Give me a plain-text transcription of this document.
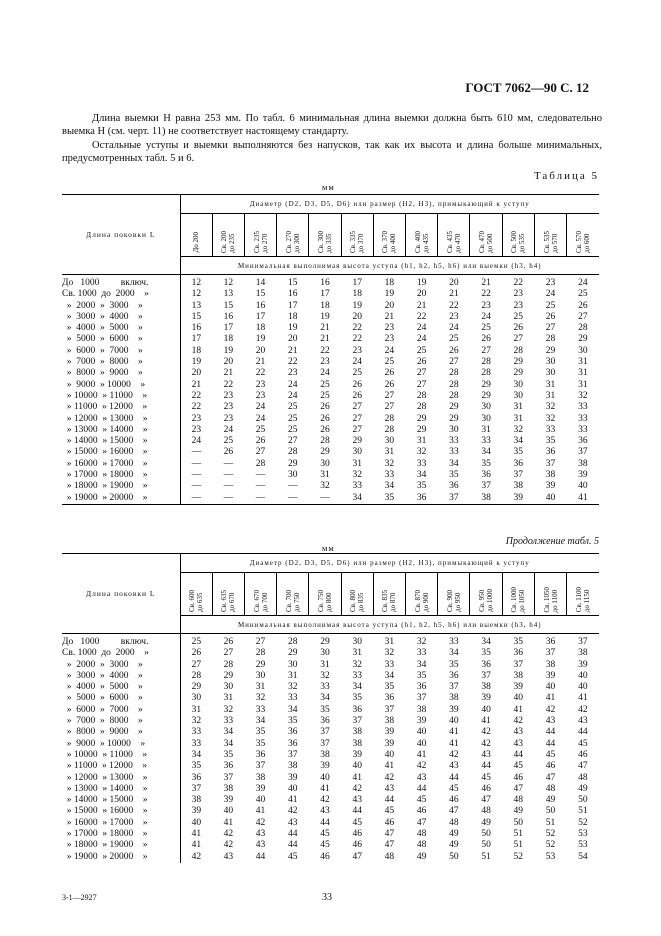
ГОСТ 7062—90 С. 12

Длина выемки H равна 253 мм. По табл. 6 минимальная длина выемки должна быть 610 мм, следовательно выемка H (см. черт. 11) не соответствует настоящему стандарту.

Остальные уступы и выемки выполняются без напусков, так как их высота и длина больше минимальных, предусмотренных табл. 5 и 6.

Таблица 5
мм
Длина поковки L	Диаметр (D2, D3, D5, D6) или размер (H2, H3), примыкающий к уступу												
	До 200	Св. 200
до 235	Св. 235
до 270	Св. 270
до 300	Св. 300
до 335	Св. 335
до 370	Св. 370
до 400	Св. 400
до 435	Св. 435
до 470	Св. 470
до 500	Св. 500
до 535	Св. 535
до 570	Св. 570
до 600
	Минимальная выполнимая высота уступа (h1, h2, h5, h6) или выемки (h3, h4)												
До   1000         включ.	12	12	14	15	16	17	18	19	20	21	22	23	24
Св. 1000  до  2000    »	12	13	15	16	17	18	19	20	21	22	23	24	25
»  2000  »  3000    »	13	15	16	17	18	19	20	21	22	23	23	25	26
»  3000  »  4000    »	15	16	17	18	19	20	21	22	23	24	25	26	27
»  4000  »  5000    »	16	17	18	19	21	22	23	24	24	25	26	27	28
»  5000  »  6000    »	17	18	19	20	21	22	23	24	25	26	27	28	29
»  6000  »  7000    »	18	19	20	21	22	23	24	25	26	27	28	29	30
»  7000  »  8000    »	19	20	21	22	23	24	25	26	27	28	29	30	31
»  8000  »  9000    »	20	21	22	23	24	25	26	27	28	28	29	30	31
»  9000  » 10000    »	21	22	23	24	25	26	26	27	28	29	30	31	31
» 10000  » 11000    »	22	23	23	24	25	26	27	28	28	29	30	31	32
» 11000  » 12000    »	22	23	24	25	26	27	27	28	29	30	31	32	33
» 12000  » 13000    »	23	23	24	25	26	27	28	29	29	30	31	32	33
» 13000  » 14000    »	23	24	25	25	26	27	28	29	30	31	32	33	33
» 14000  » 15000    »	24	25	26	27	28	29	30	31	33	33	34	35	36
» 15000  » 16000    »	—	26	27	28	29	30	31	32	33	34	35	36	37
» 16000  » 17000    »	—	—	28	29	30	31	32	33	34	35	36	37	38
» 17000  » 18000    »	—	—	—	30	31	32	33	34	35	36	37	38	39
» 18000  » 19000    »	—	—	—	—	32	33	34	35	36	37	38	39	40
» 19000  » 20000    »	—	—	—	—	—	34	35	36	37	38	39	40	41
Продолжение табл. 5
мм
Длина поковки L	Диаметр (D2, D3, D5, D6) или размер (H2, H3), примыкающий к уступу												
	Св. 600
до 635	Св. 635
до 670	Св. 670
до 700	Св. 700
до 750	Св. 750
до 800	Св. 800
до 835	Св. 835
до 870	Св. 870
до 900	Св. 900
до 950	Св. 950
до 1000	Св. 1000
до 1050	Св. 1050
до 1100	Св. 1100
до 1150
	Минимальная выполнимая высота уступа (h1, h2, h5, h6) или выемки (h3, h4)												
До   1000         включ.	25	26	27	28	29	30	31	32	33	34	35	36	37
Св. 1000  до  2000    »	26	27	28	29	30	31	32	33	34	35	36	37	38
»  2000  »  3000    »	27	28	29	30	31	32	33	34	35	36	37	38	39
»  3000  »  4000    »	28	29	30	31	32	33	34	35	36	37	38	39	40
»  4000  »  5000    »	29	30	31	32	33	34	35	36	37	38	39	40	40
»  5000  »  6000    »	30	31	32	33	34	35	36	37	38	39	40	41	41
»  6000  »  7000    »	31	32	33	34	35	36	37	38	39	40	41	42	42
»  7000  »  8000    »	32	33	34	35	36	37	38	39	40	41	42	43	43
»  8000  »  9000    »	33	34	35	36	37	38	39	40	41	42	43	44	44
»  9000  » 10000    »	33	34	35	36	37	38	39	40	41	42	43	44	45
» 10000  » 11000    »	34	35	36	37	38	39	40	41	42	43	44	45	46
» 11000  » 12000    »	35	36	37	38	39	40	41	42	43	44	45	46	47
» 12000  » 13000    »	36	37	38	39	40	41	42	43	44	45	46	47	48
» 13000  » 14000    »	37	38	39	40	41	42	43	44	45	46	47	48	49
» 14000  » 15000    »	38	39	40	41	42	43	44	45	46	47	48	49	50
» 15000  » 16000    »	39	40	41	42	43	44	45	46	47	48	49	50	51
» 16000  » 17000    »	40	41	42	43	44	45	46	47	48	49	50	51	52
» 17000  » 18000    »	41	42	43	44	45	46	47	48	49	50	51	52	53
» 18000  » 19000    »	41	42	43	44	45	46	47	48	49	50	51	52	53
» 19000  » 20000    »	42	43	44	45	46	47	48	49	50	51	52	53	54
3-1—2927	33
